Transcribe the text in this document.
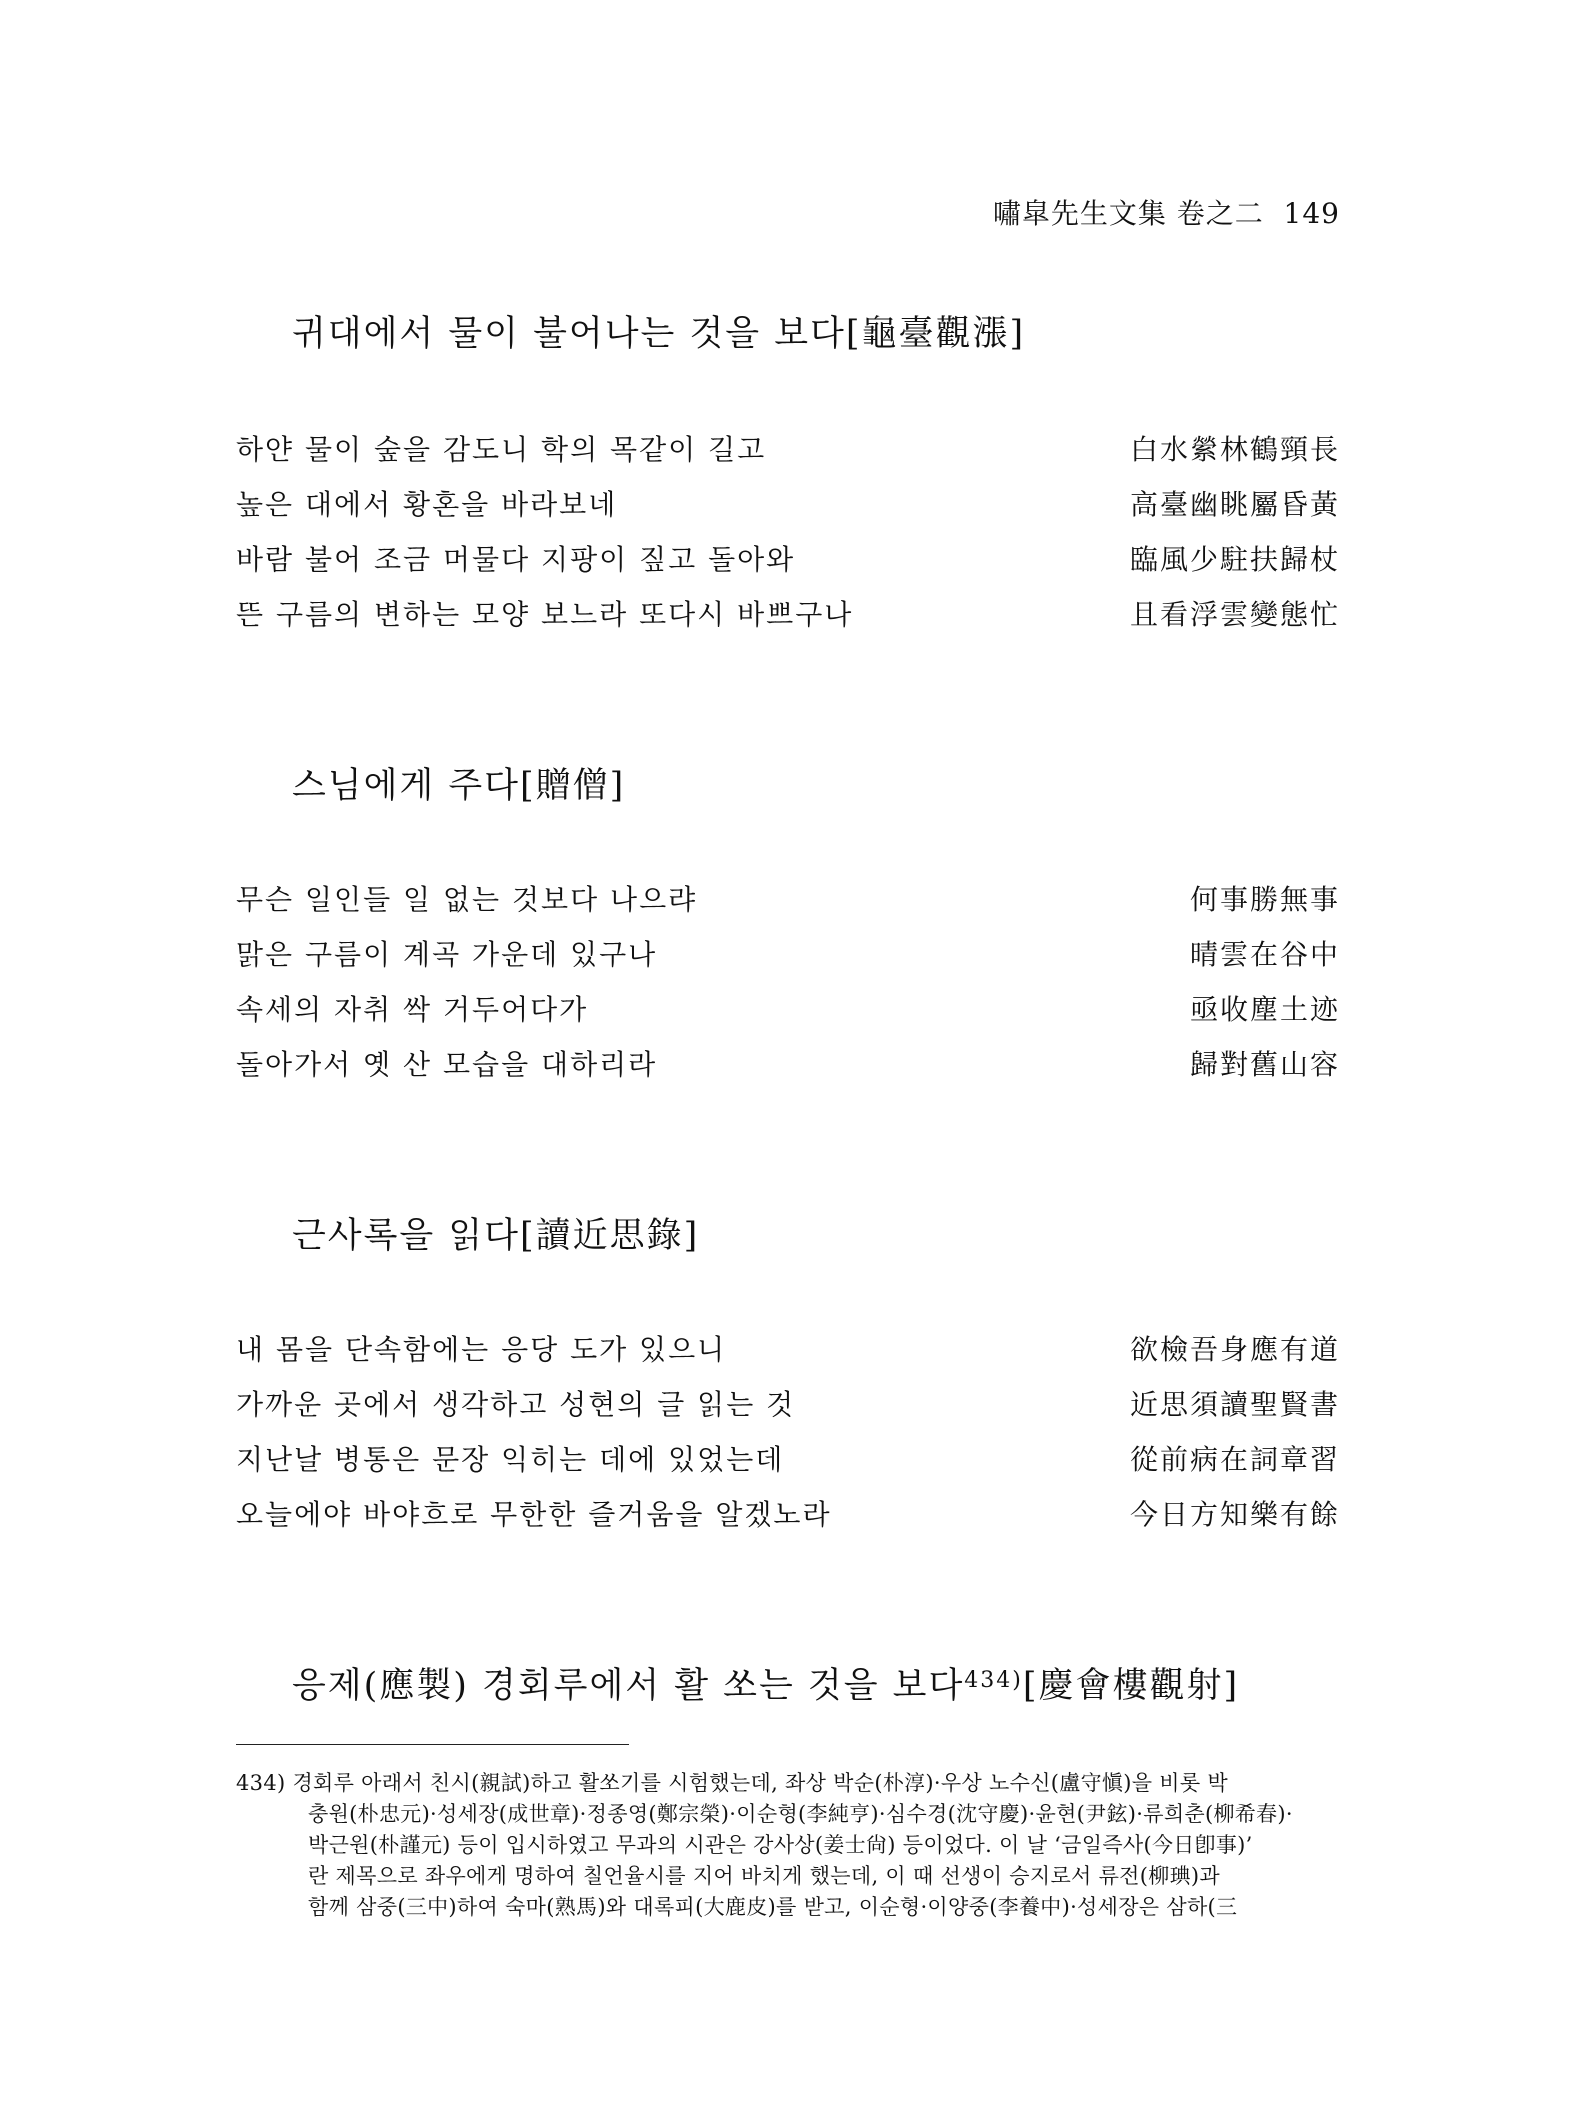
嘯皐先生文集 卷之二 149
귀대에서 물이 불어나는 것을 보다[龜臺觀漲]
하얀 물이 숲을 감도니 학의 목같이 길고	白水縈林鶴頸長
높은 대에서 황혼을 바라보네	高臺幽眺屬昏黃
바람 불어 조금 머물다 지팡이 짚고 돌아와	臨風少駐扶歸杖
뜬 구름의 변하는 모양 보느라 또다시 바쁘구나	且看浮雲變態忙
스님에게 주다[贈僧]
무슨 일인들 일 없는 것보다 나으랴	何事勝無事
맑은 구름이 계곡 가운데 있구나	晴雲在谷中
속세의 자취 싹 거두어다가	亟收塵土迹
돌아가서 옛 산 모습을 대하리라	歸對舊山容
근사록을 읽다[讀近思錄]
내 몸을 단속함에는 응당 도가 있으니	欲檢吾身應有道
가까운 곳에서 생각하고 성현의 글 읽는 것	近思須讀聖賢書
지난날 병통은 문장 익히는 데에 있었는데	從前病在詞章習
오늘에야 바야흐로 무한한 즐거움을 알겠노라	今日方知樂有餘
응제(應製) 경회루에서 활 쏘는 것을 보다$^{434)}$[慶會樓觀射]
434) 경회루 아래서 친시(親試)하고 활쏘기를 시험했는데, 좌상 박순(朴淳)·우상 노수신(盧守愼)을 비롯 박
충원(朴忠元)·성세장(成世章)·정종영(鄭宗榮)·이순형(李純亨)·심수경(沈守慶)·윤현(尹鉉)·류희춘(柳希春)·
박근원(朴謹元) 등이 입시하였고 무과의 시관은 강사상(姜士尙) 등이었다. 이 날 ‘금일즉사(今日卽事)’
란 제목으로 좌우에게 명하여 칠언율시를 지어 바치게 했는데, 이 때 선생이 승지로서 류전(柳琠)과
함께 삼중(三中)하여 숙마(熟馬)와 대록피(大鹿皮)를 받고, 이순형·이양중(李養中)·성세장은 삼하(三
